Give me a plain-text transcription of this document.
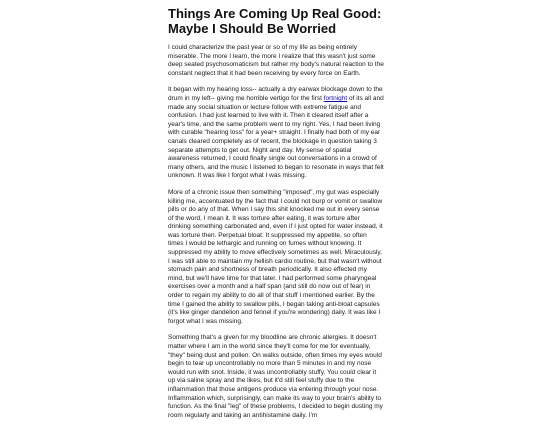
Things Are Coming Up Real Good: Maybe I Should Be Worried

I could characterize the past year or so of my life as being entirely miserable. The more I learn, the more I realize that this wasn't just some deep seated psychosomaticism but rather my body's natural reaction to the constant neglect that it had been receiving by every force on Earth.

It began with my hearing loss-- actually a dry earwax blockage down to the drum in my left-- giving me horrible vertigo for the first fortnight of its all and made any social situation or lecture follow with extreme fatigue and confusion. I had just learned to live with it. Then it cleared itself after a year's time, and the same problem went to my right. Yes, I had been living with curable "hearing loss" for a year+ straight. I finally had both of my ear canals cleared completely as of recent, the blockage in question taking 3 separate attempts to get out. Night and day. My sense of spatial awareness returned, I could finally single out conversations in a crowd of many others, and the music I listened to began to resonate in ways that felt unknown. It was like I forgot what I was missing.

More of a chronic issue then something "imposed", my gut was especially killing me, accentuated by the fact that I could not burp or vomit or swallow pills or do any of that. When I say this shit knocked me out in every sense of the word, I mean it. It was torture after eating, it was torture after drinking something carbonated and, even if I just opted for water instead, it was torture then. Perpetual bloat. It suppressed my appetite, so often times I would be lethargic and running on fumes without knowing. It suppressed my ability to move effectively sometimes as well. Miraculously, I was still able to maintain my hellish cardio routine, but that wasn't without stomach pain and shortness of breath periodically. It also effected my mind, but we'll have time for that later. I had performed some pharyngeal exercises over a month and a half span (and still do now out of fear) in order to regain my ability to do all of that stuff I mentioned earlier. By the time I gained the ability to swallow pills, I began taking anti-bloat capsules (it's like ginger dandelion and fennel if you're wondering) daily. It was like I forgot what I was missing.

Something that's a given for my bloodline are chronic allergies. It doesn't matter where I am in the world since they'll come for me for eventually, "they" being dust and pollen. On walks outside, often times my eyes would begin to tear up uncontrollably no more than 5 minutes in and my nose would run with snot. Inside, it was uncontrollably stuffy. You could clear it up via saline spray and the likes, but it'd still feel stuffy due to the inflammation that those antigens produce via entering through your nose. Inflammation which, surprisingly, can make its way to your brain's ability to function. As the final "leg" of these problems, I decided to begin dusting my room regularly and taking an antihistamine daily. I'm
